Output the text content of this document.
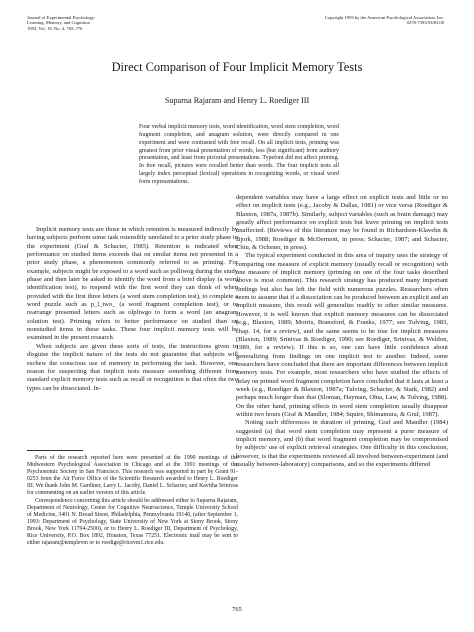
Journal of Experimental Psychology:
Learning, Memory, and Cognition
1993, Vol. 19, No. 4, 765–776
Copyright 1993 by the American Psychological Association, Inc.
0278-7393/93/$3.00
Direct Comparison of Four Implicit Memory Tests
Suparna Rajaram and Henry L. Roediger III
Four verbal implicit memory tests, word identification, word stem completion, word fragment completion, and anagram solution, were directly compared in one experiment and were contrasted with free recall. On all implicit tests, priming was greatest from prior visual presentation of words, less (but significant) from auditory presentation, and least from pictorial presentations. Typefont did not affect priming. In free recall, pictures were recalled better than words. The four implicit tests all largely index perceptual (lexical) operations in recognizing words, or visual word form representations.

Implicit memory tests are those in which retention is measured indirectly by having subjects perform some task ostensibly unrelated to a prior study phase in the experiment (Graf & Schacter, 1985). Retention is indicated when performance on studied items exceeds that on similar items not presented in a prior study phase, a phenomenon commonly referred to as priming. For example, subjects might be exposed to a word such as polliwog during the study phase and then later be asked to identify the word from a brief display (a word identification test), to respond with the first word they can think of when provided with the first three letters (a word stem completion test), to complete a word puzzle such as p_l_iwo_ (a word fragment completion test), or to rearrange presented letters such as olpliwgo to form a word (an anagram solution test). Priming refers to better performance on studied than on nonstudied items in these tasks. These four implicit memory tests will be examined in the present research.

When subjects are given these sorts of tests, the instructions given to disguise the implicit nature of the tests do not guarantee that subjects will eschew the conscious use of memory in performing the task. However, one reason for suspecting that implicit tests measure something different from standard explicit memory tests such as recall or recognition is that often the two types can be dissociated. In-

Parts of the research reported here were presented at the 1990 meetings of the Midwestern Psychological Association in Chicago and at the 1991 meetings of the Psychonomic Society in San Francisco. This research was supported in part by Grant 91-0253 from the Air Force Office of the Scientific Research awarded to Henry L. Roediger III. We thank John M. Gardiner, Larry L. Jacoby, Daniel L. Schacter, and Kavitha Srinivas for commenting on an earlier version of this article.

Correspondence concerning this article should be addressed either to Suparna Rajaram, Department of Neurology, Center for Cognitive Neuroscience, Temple University School of Medicine, 3401 N. Broad Street, Philadelphia, Pennsylvania 19140, (after September 1, 1993: Department of Psychology, State University of New York at Stony Brook, Stony Brook, New York 11794-2500), or to Henry L. Roediger III, Department of Psychology, Rice University, P.O. Box 1892, Houston, Texas 77251. Electronic mail may be sent to either rajaram@templevm or to roedige@ricevm1.rice.edu.

dependent variables may have a large effect on explicit tests and little or no effect on implicit tests (e.g., Jacoby & Dallas, 1981) or vice versa (Roediger & Blaxton, 1987a, 1987b). Similarly, subject variables (such as brain damage) may greatly affect performance on explicit tests but leave priming on implicit tests unaffected. (Reviews of this literature may be found in Richardson-Klavehn & Bjork, 1988; Roediger & McDermott, in press; Schacter, 1987; and Schacter, Chiu, & Ochsner, in press).

The typical experiment conducted in this area of inquiry uses the strategy of comparing one measure of explicit memory (usually recall or recognition) with one measure of implicit memory (priming on one of the four tasks described above is most common). This research strategy has produced many important findings but also has left the field with numerous puzzles. Researchers often seem to assume that if a dissociation can be produced between an explicit and an implicit measure, this result will generalize readily to other similar measures. However, it is well known that explicit memory measures can be dissociated (e.g., Blaxton, 1989; Morris, Bransford, & Franks, 1977; see Tulving, 1983, chap. 14, for a review), and the same seems to be true for implicit measures (Blaxton, 1989; Srinivas & Roediger, 1990; see Roediger, Srinivas, & Weldon, 1989, for a review). If this is so, one can have little confidence about generalizing from findings on one implicit test to another. Indeed, some researchers have concluded that there are important differences between implicit memory tests. For example, most researchers who have studied the effects of delay on primed word fragment completion have concluded that it lasts at least a week (e.g., Roediger & Blaxton, 1987a; Tulving, Schacter, & Stark, 1982) and perhaps much longer than that (Sloman, Hayman, Ohta, Law, & Tulving, 1988). On the other hand, priming effects in word stem completion usually disappear within two hours (Graf & Mandler, 1984; Squire, Shimamura, & Graf, 1987).

Noting such differences in duration of priming, Graf and Mandler (1984) suggested (a) that word stem completion may represent a purer measure of implicit memory, and (b) that word fragment completion may be compromised by subjects' use of explicit retrieval strategies. One difficulty in this conclusion, however, is that the experiments reviewed all involved between-experiment (and usually between-laboratory) comparisons, and so the experiments differed

765
